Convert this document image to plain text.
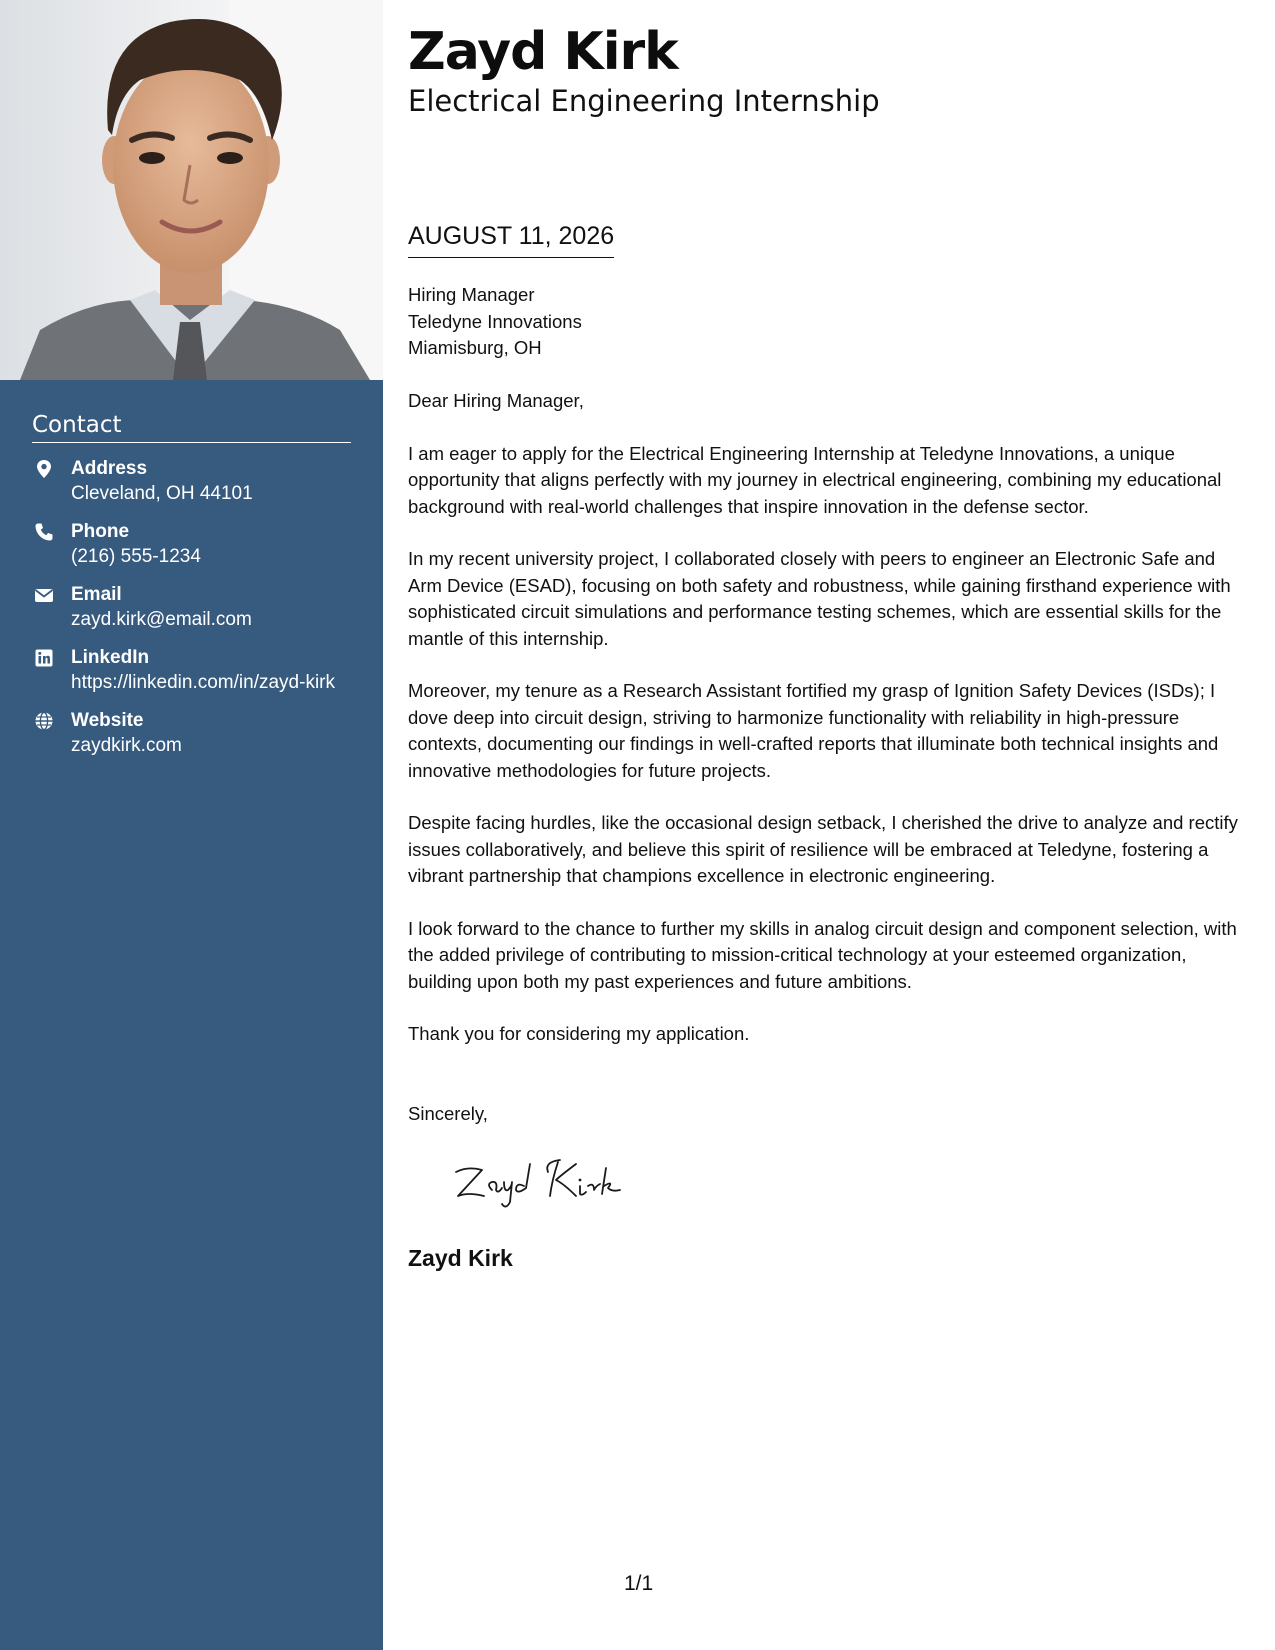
Contact
Address
Cleveland, OH 44101
Phone
(216) 555-1234
Email
zayd.kirk@email.com
LinkedIn
https://linkedin.com/in/zayd-kirk
Website
zaydkirk.com
Zayd Kirk
Electrical Engineering Internship
AUGUST 11, 2026
Hiring Manager
Teledyne Innovations
Miamisburg, OH

Dear Hiring Manager,

I am eager to apply for the Electrical Engineering Internship at Teledyne Innovations, a unique opportunity that aligns perfectly with my journey in electrical engineering, combining my educational background with real-world challenges that inspire innovation in the defense sector.

In my recent university project, I collaborated closely with peers to engineer an Electronic Safe and Arm Device (ESAD), focusing on both safety and robustness, while gaining firsthand experience with sophisticated circuit simulations and performance testing schemes, which are essential skills for the mantle of this internship.

Moreover, my tenure as a Research Assistant fortified my grasp of Ignition Safety Devices (ISDs); I dove deep into circuit design, striving to harmonize functionality with reliability in high-pressure contexts, documenting our findings in well-crafted reports that illuminate both technical insights and innovative methodologies for future projects.

Despite facing hurdles, like the occasional design setback, I cherished the drive to analyze and rectify issues collaboratively, and believe this spirit of resilience will be embraced at Teledyne, fostering a vibrant partnership that champions excellence in electronic engineering.

I look forward to the chance to further my skills in analog circuit design and component selection, with the added privilege of contributing to mission-critical technology at your esteemed organization, building upon both my past experiences and future ambitions.

Thank you for considering my application.

Sincerely,
Zayd Kirk
1/1
